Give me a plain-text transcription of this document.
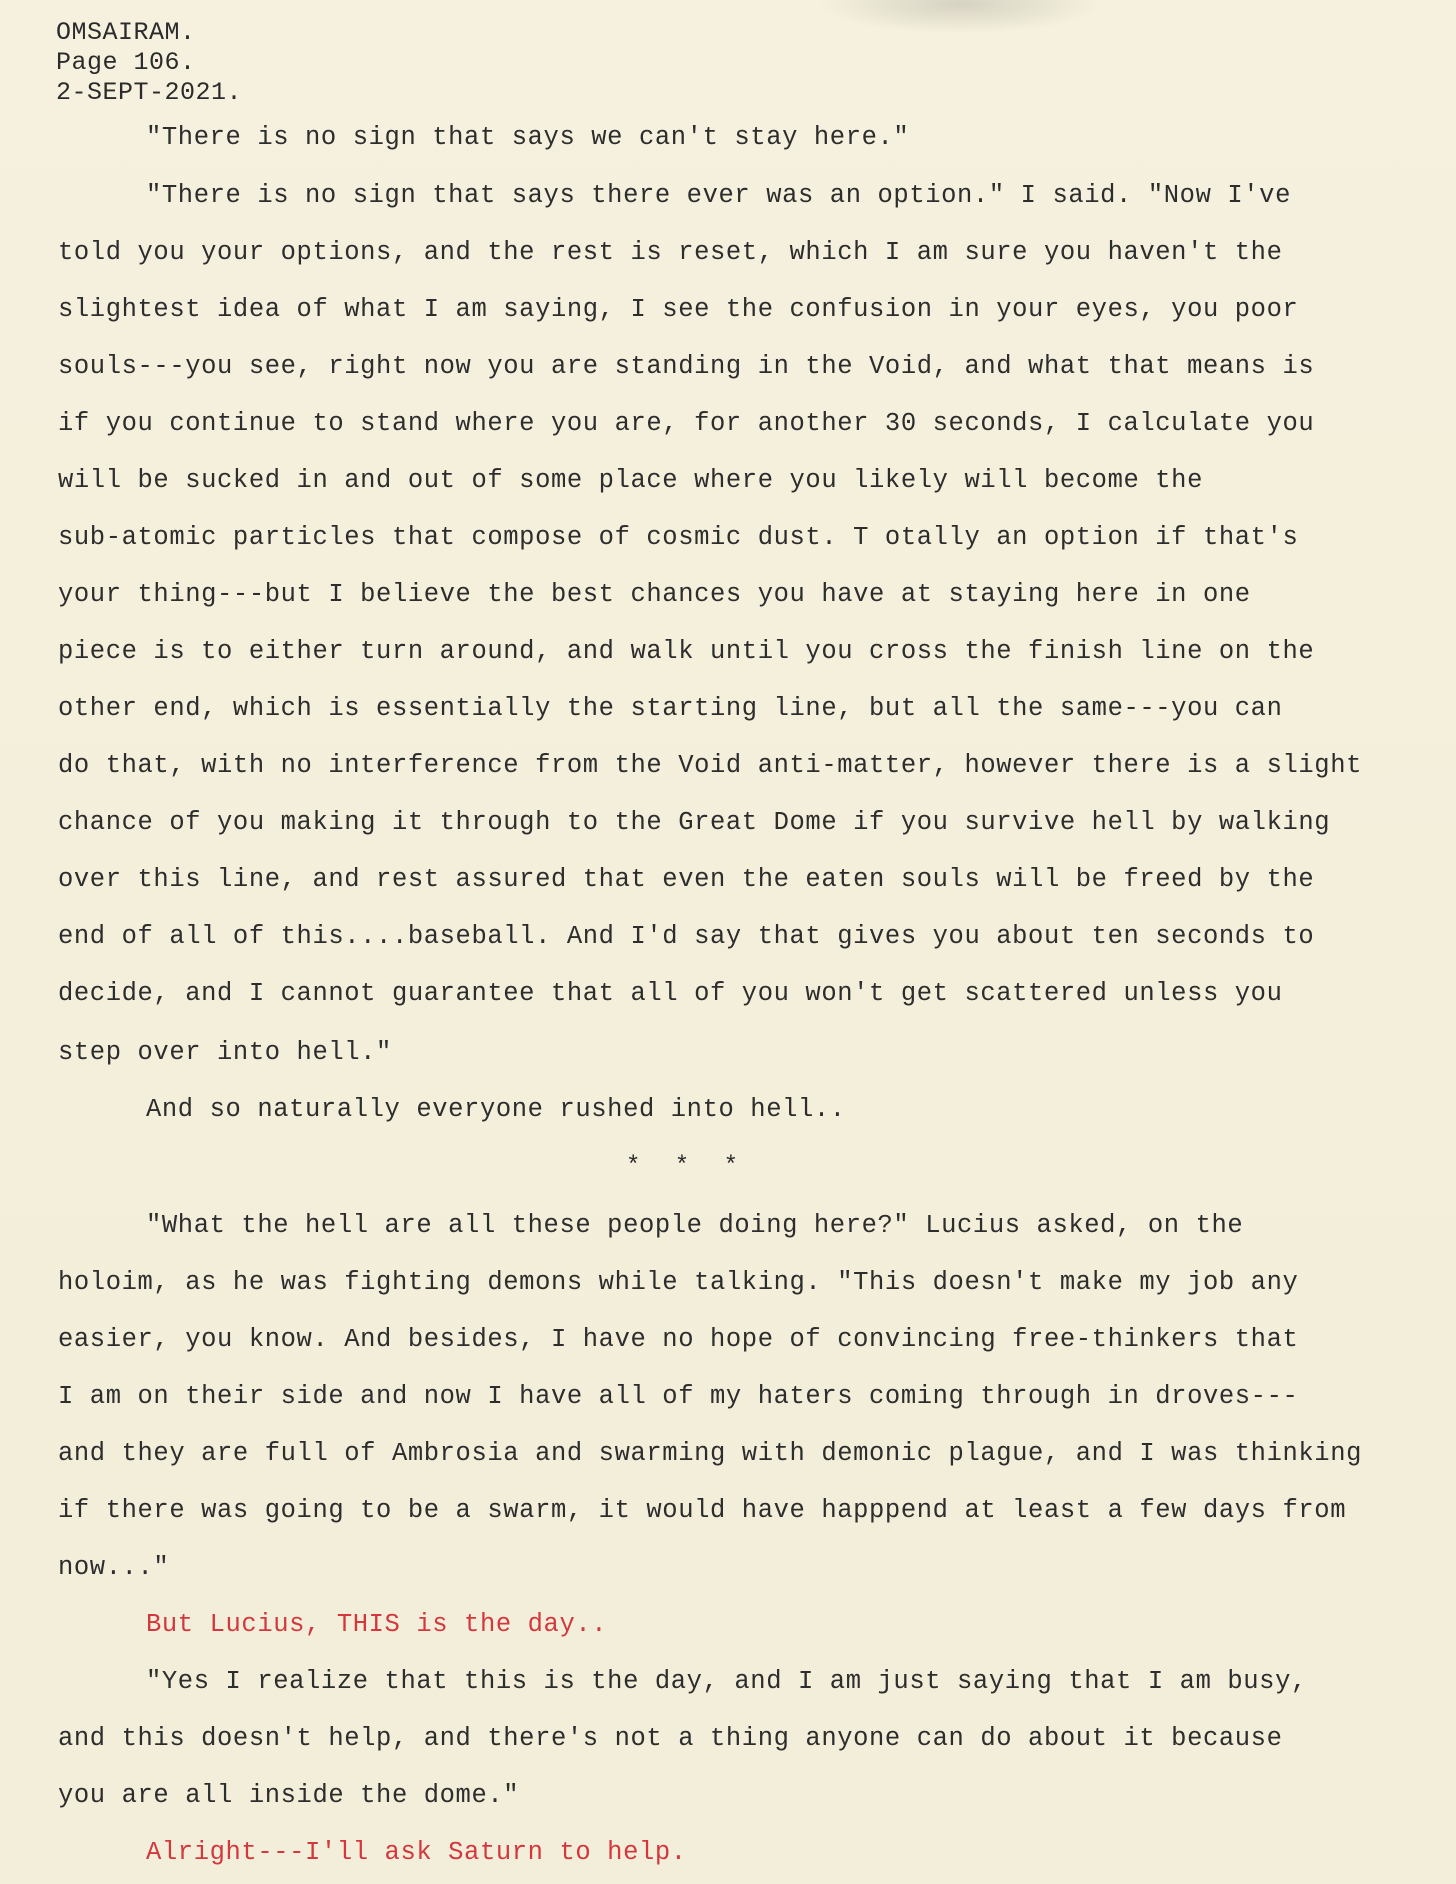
OMSAIRAM.
Page 106.
2-SEPT-2021.
"There is no sign that says we can't stay here."
"There is no sign that says there ever was an option." I said. "Now I've
told you your options, and the rest is reset, which I am sure you haven't the
slightest idea of what I am saying, I see the confusion in your eyes, you poor
souls---you see, right now you are standing in the Void, and what that means is
if you continue to stand where you are, for another 30 seconds, I calculate you
will be sucked in and out of some place where you likely will become the
sub-atomic particles that compose of cosmic dust. T otally an option if that's
your thing---but I believe the best chances you have at staying here in one
piece is to either turn around, and walk until you cross the finish line on the
other end, which is essentially the starting line, but all the same---you can
do that, with no interference from the Void anti-matter, however there is a slight
chance of you making it through to the Great Dome if you survive hell by walking
over this line, and rest assured that even the eaten souls will be freed by the
end of all of this....baseball. And I'd say that gives you about ten seconds to
decide, and I cannot guarantee that all of you won't get scattered unless you
step over into hell."
And so naturally everyone rushed into hell..
* * *
"What the hell are all these people doing here?" Lucius asked, on the
holoim, as he was fighting demons while talking. "This doesn't make my job any
easier, you know. And besides, I have no hope of convincing free-thinkers that
I am on their side and now I have all of my haters coming through in droves---
and they are full of Ambrosia and swarming with demonic plague, and I was thinking
if there was going to be a swarm, it would have happpend at least a few days from
now..."
But Lucius, THIS is the day..
"Yes I realize that this is the day, and I am just saying that I am busy,
and this doesn't help, and there's not a thing anyone can do about it because
you are all inside the dome."
Alright---I'll ask Saturn to help.
